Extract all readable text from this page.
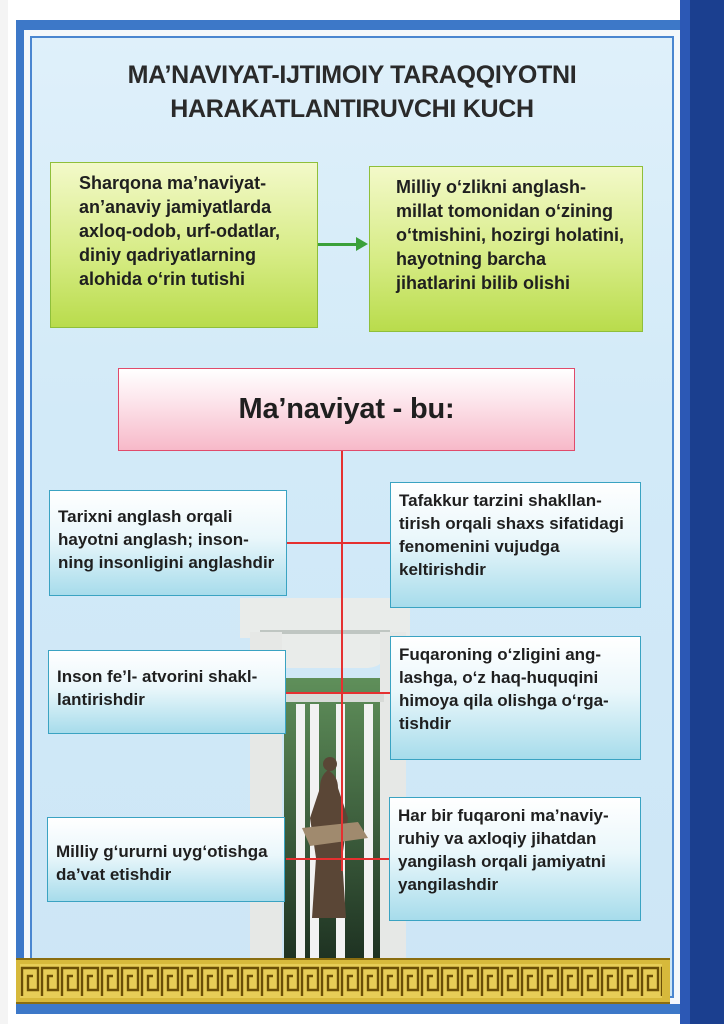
MA’NAVIYAT-IJTIMOIY TARAQQIYOTNI
HARAKATLANTIRUVCHI KUCH
Sharqona ma’naviyat-
an’anaviy jamiyatlarda
axloq-odob, urf-odatlar,
diniy qadriyatlarning
alohida o‘rin tutishi
Milliy o‘zlikni anglash-
millat tomonidan o‘zining
o‘tmishini, hozirgi holatini,
hayotning barcha
jihatlarini bilib olishi
Ma’naviyat - bu:
Tarixni anglash orqali
hayotni anglash; inson-
ning insonligini anglashdir
Inson fe’l- atvorini shakl-
lantirishdir
Milliy g‘ururni uyg‘otishga
da’vat etishdir
Tafakkur tarzini shakllan-
tirish orqali shaxs sifatidagi
fenomenini vujudga
keltirishdir
Fuqaroning o‘zligini ang-
lashga, o‘z haq-huquqini
himoya qila olishga o‘rga-
tishdir
Har bir fuqaroni ma’naviy-
ruhiy va axloqiy jihatdan
yangilash orqali jamiyatni
yangilashdir
